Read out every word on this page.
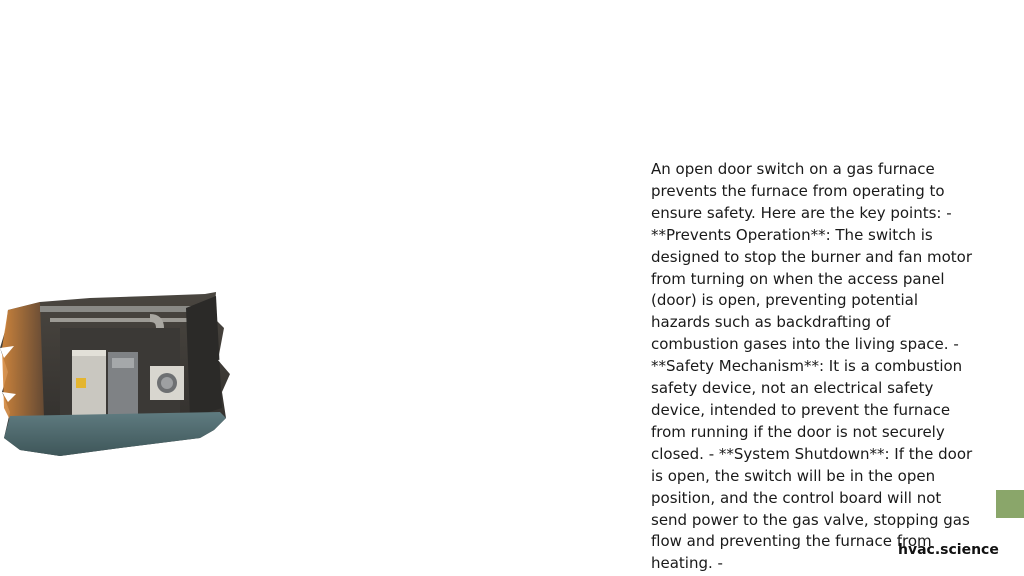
An open door switch on a gas furnace prevents the furnace from operating to ensure safety. Here are the key points: - **Prevents Operation**: The switch is designed to stop the burner and fan motor from turning on when the access panel (door) is open, preventing potential hazards such as backdrafting of combustion gases into the living space. - **Safety Mechanism**: It is a combustion safety device, not an electrical safety device, intended to prevent the furnace from running if the door is not securely closed. - **System Shutdown**: If the door is open, the switch will be in the open position, and the control board will not send power to the gas valve, stopping gas flow and preventing the furnace from heating. -

hvac.science
